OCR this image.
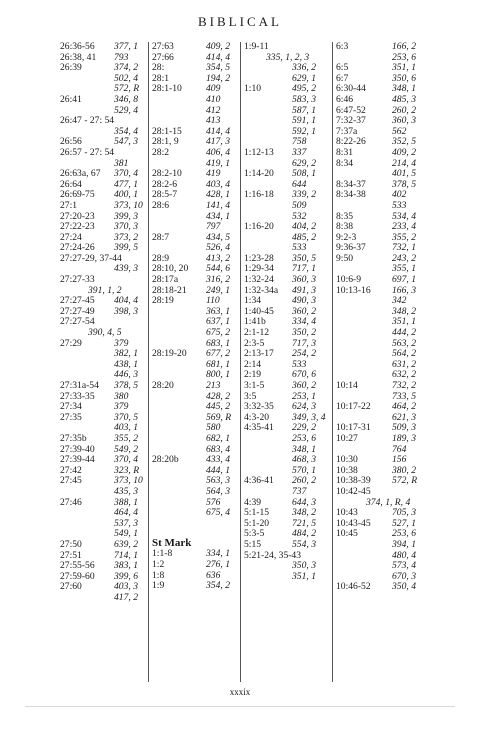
BIBLICAL
26:36-56 377, 1
26:38, 41 793
26:39	374, 2
502, 4
572, R
26:41	346, 8
529, 4
26:47 - 27: 54
354, 4
26:56	547, 3
26:57 - 27: 54
381
26:63a, 67 370, 4
26:64	477, 1
26:69-75 400, 1
27:1	373, 10
27:20-23 399, 3
27:22-23 370, 3
27:24	373, 2
27:24-26 399, 5
27:27-29, 37-44
439, 3
27:27-33
391, 1, 2
27:27-45 404, 4
27:27-49 398, 3
27:27-54
390, 4, 5
27:29	379
382, 1
438, 1
446, 3
27:31a-54 378, 5
27:33-35 380
27:34	379
27:35	370, 5
403, 1
27:35b	355, 2
27:39-40 549, 2
27:39-44 370, 4
27:42	323, R
27:45	373, 10
435, 3
27:46	388, 1
464, 4
537, 3
549, 1
27:50	639, 2
27:51	714, 1
27:55-56 383, 1
27:59-60 399, 6
27:60	403, 3
417, 2
27:63	409, 2
27:66	414, 4
28:	354, 5
28:1	194, 2
28:1-10	409
410
412
413
28:1-15	414, 4
28:1, 9	417, 3
28:2	406, 4
419, 1
28:2-10	419
28:2-6	403, 4
28:5-7	428, 1
28:6	141, 4
434, 1
797
28:7	434, 5
526, 4
28:9	413, 2
28:10, 20 544, 6
28:17a	316, 2
28:18-21 249, 1
28:19	110
363, 1
637, 1
675, 2
683, 1
28:19-20 677, 2
681, 1
800, 1
28:20	213
428, 2
445, 2
569, R
580
682, 1
683, 4
28:20b	433, 4
444, 1
563, 3
564, 3
576
675, 4
St Mark
1:1-8	334, 1
1:2	276, 1
1:8	636
1:9	354, 2
1:9-11
335, 1, 2, 3
336, 2
629, 1
1:10	495, 2
583, 3
587, 1
591, 1
592, 1
758
1:12-13 337
629, 2
1:14-20 508, 1
644
1:16-18 339, 2
509
532
1:16-20 404, 2
485, 2
533
1:23-28 350, 5
1:29-34 717, 1
1:32-24 360, 3
1:32-34a 491, 3
1:34	490, 3
1:40-45 360, 2
1:41b	334, 4
2:1-12 350, 2
2:3-5	717, 3
2:13-17 254, 2
2:14	533
2:19	670, 6
3:1-5	360, 2
3:5	253, 1
3:32-35 624, 3
4:3-20 349, 3, 4
4:35-41 229, 2
253, 6
348, 1
468, 3
570, 1
4:36-41 260, 2
737
4:39	644, 3
5:1-15 348, 2
5:1-20 721, 5
5:3-5	484, 2
5:15	554, 3
5:21-24, 35-43
350, 3
351, 1
6:3	166, 2
253, 6
6:5	351, 1
6:7	350, 6
6:30-44	348, 1
6:46	485, 3
6:47-52	260, 2
7:32-37	360, 3
7:37a	562
8:22-26	352, 5
8:31	409, 2
8:34	214, 4
401, 5
8:34-37	378, 5
8:34-38	402
533
8:35	534, 4
8:38	233, 4
9:2-3	355, 2
9:36-37	732, 1
9:50	243, 2
355, 1
10:6-9	697, 1
10:13-16 166, 3
342
348, 2
351, 1
444, 2
563, 2
564, 2
631, 2
632, 2
10:14	732, 2
733, 5
10:17-22 464, 2
621, 3
10:17-31 509, 3
10:27	189, 3
764
10:30	156
10:38	380, 2
10:38-39 572, R
10:42-45
374, 1, R, 4
10:43	705, 3
10:43-45 527, 1
10:45	253, 6
394, 1
480, 4
573, 4
670, 3
10:46-52 350, 4
xxxix
